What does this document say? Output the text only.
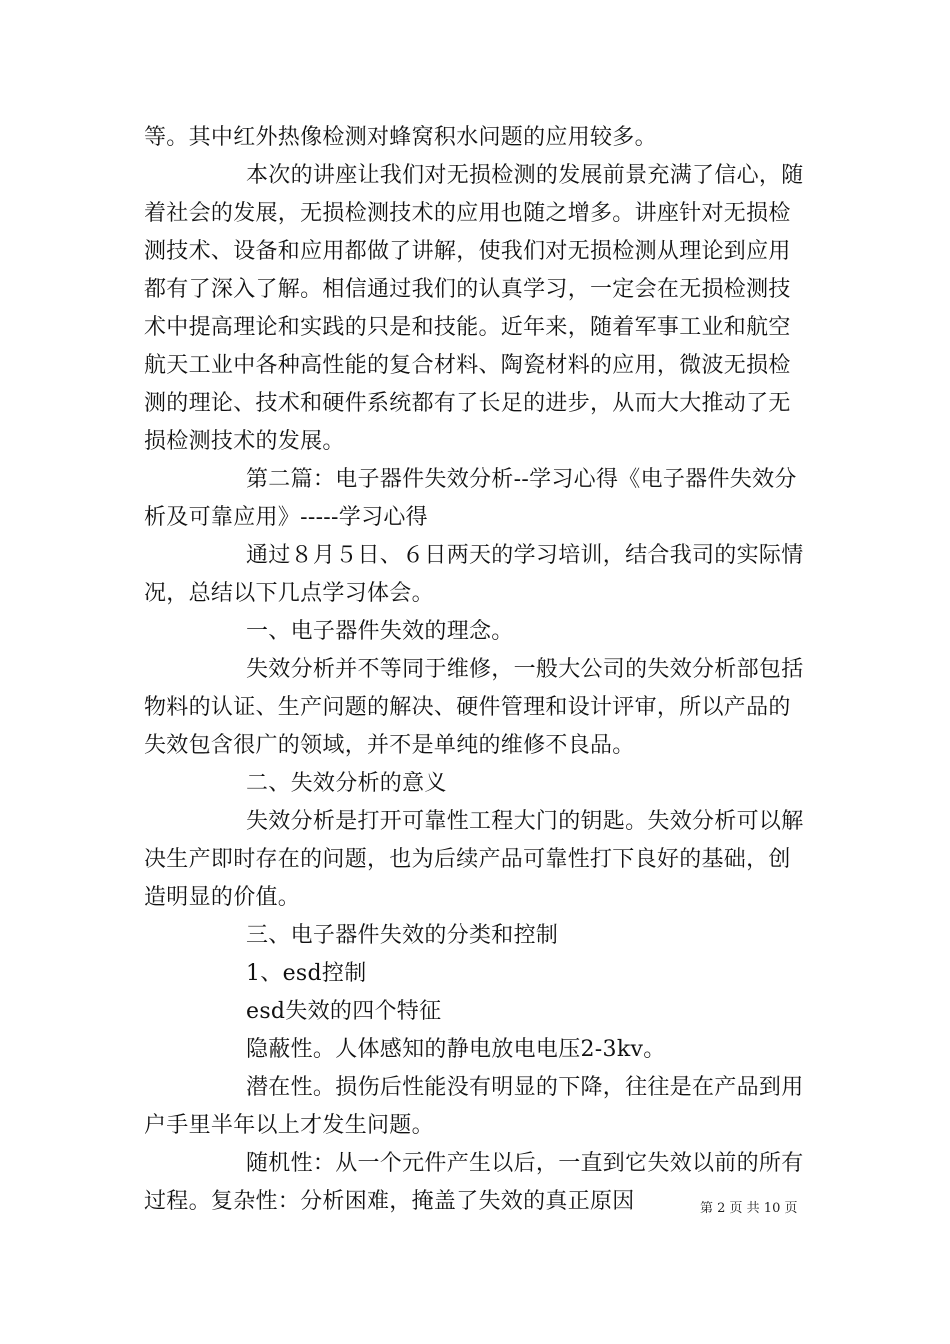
等。其中红外热像检测对蜂窝积水问题的应用较多。
本次的讲座让我们对无损检测的发展前景充满了信心，随
着社会的发展，无损检测技术的应用也随之增多。讲座针对无损检
测技术、设备和应用都做了讲解，使我们对无损检测从理论到应用
都有了深入了解。相信通过我们的认真学习，一定会在无损检测技
术中提高理论和实践的只是和技能。近年来，随着军事工业和航空
航天工业中各种高性能的复合材料、陶瓷材料的应用，微波无损检
测的理论、技术和硬件系统都有了长足的进步，从而大大推动了无
损检测技术的发展。
第二篇：电子器件失效分析--学习心得《电子器件失效分
析及可靠应用》-----学习心得
通过８月５日、６日两天的学习培训，结合我司的实际情
况，总结以下几点学习体会。
一、电子器件失效的理念。
失效分析并不等同于维修，一般大公司的失效分析部包括
物料的认证、生产问题的解决、硬件管理和设计评审，所以产品的
失效包含很广的领域，并不是单纯的维修不良品。
二、失效分析的意义
失效分析是打开可靠性工程大门的钥匙。失效分析可以解
决生产即时存在的问题，也为后续产品可靠性打下良好的基础，创
造明显的价值。
三、电子器件失效的分类和控制
1、esd控制
esd失效的四个特征
隐蔽性。人体感知的静电放电电压2-3kv。
潜在性。损伤后性能没有明显的下降，往往是在产品到用
户手里半年以上才发生问题。
随机性：从一个元件产生以后，一直到它失效以前的所有
过程。复杂性：分析困难，掩盖了失效的真正原因	第 2 页 共 10 页
